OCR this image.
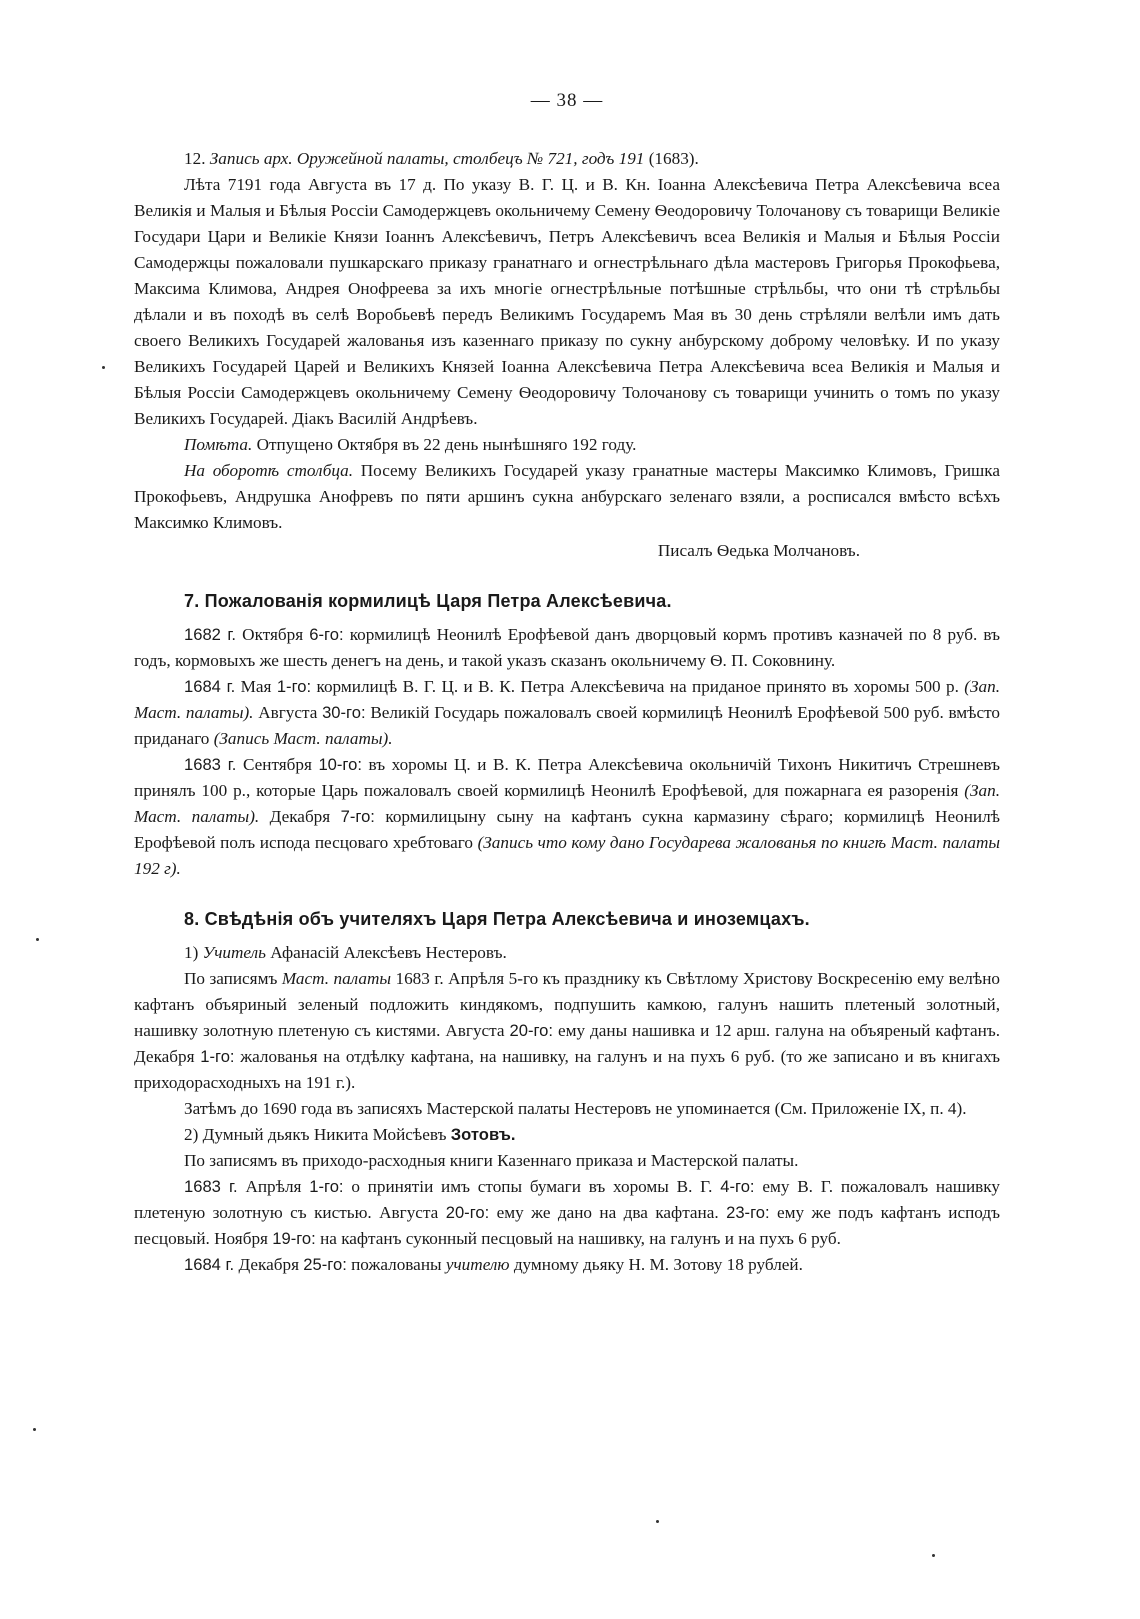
— 38 —

12. Запись арх. Оружейной палаты, столбецъ № 721, годъ 191 (1683).

Лѣта 7191 года Августа въ 17 д. По указу В. Г. Ц. и В. Кн. Іоанна Алексѣевича Петра Алексѣевича всеа Великія и Малыя и Бѣлыя Россіи Самодержцевъ окольничему Семену Ѳеодоровичу Толочанову съ товарищи Великіе Государи Цари и Великіе Князи Іоаннъ Алексѣевичъ, Петръ Алексѣевичъ всеа Великія и Малыя и Бѣлыя Россіи Самодержцы пожаловали пушкарскаго приказу гранатнаго и огнестрѣльнаго дѣла мастеровъ Григорья Прокофьева, Максима Климова, Андрея Онофреева за ихъ многіе огнестрѣльные потѣшные стрѣльбы, что они тѣ стрѣльбы дѣлали и въ походѣ въ селѣ Воробьевѣ передъ Великимъ Государемъ Мая въ 30 день стрѣляли велѣли имъ дать своего Великихъ Государей жалованья изъ казеннаго приказу по сукну анбурскому доброму человѣку. И по указу Великихъ Государей Царей и Великихъ Князей Іоанна Алексѣевича Петра Алексѣевича всеа Великія и Малыя и Бѣлыя Россіи Самодержцевъ окольничему Семену Ѳеодоровичу Толочанову съ товарищи учинить о томъ по указу Великихъ Государей. Діакъ Василій Андрѣевъ.

Помѣта. Отпущено Октября въ 22 день нынѣшняго 192 году.

На оборотѣ столбца. Посему Великихъ Государей указу гранатные мастеры Максимко Климовъ, Гришка Прокофьевъ, Андрушка Анофревъ по пяти аршинъ сукна анбурскаго зеленаго взяли, а росписался вмѣсто всѣхъ Максимко Климовъ.

Писалъ Ѳедька Молчановъ.

7. Пожалованія кормилицѣ Царя Петра Алексѣевича.

1682 г. Октября 6-го: кормилицѣ Неонилѣ Ерофѣевой данъ дворцовый кормъ противъ казначей по 8 руб. въ годъ, кормовыхъ же шесть денегъ на день, и такой указъ сказанъ окольничему Ѳ. П. Соковнину.

1684 г. Мая 1-го: кормилицѣ В. Г. Ц. и В. К. Петра Алексѣевича на приданое принято въ хоромы 500 р. (Зап. Маст. палаты). Августа 30-го: Великій Государь пожаловалъ своей кормилицѣ Неонилѣ Ерофѣевой 500 руб. вмѣсто приданаго (Запись Маст. палаты).

1683 г. Сентября 10-го: въ хоромы Ц. и В. К. Петра Алексѣевича окольничій Тихонъ Никитичъ Стрешневъ принялъ 100 р., которые Царь пожаловалъ своей кормилицѣ Неонилѣ Ерофѣевой, для пожарнага ея разоренія (Зап. Маст. палаты). Декабря 7-го: кормилицыну сыну на кафтанъ сукна кармазину сѣраго; кормилицѣ Неонилѣ Ерофѣевой полъ испода песцоваго хребтоваго (Запись что кому дано Государева жалованья по книгѣ Маст. палаты 192 г).

8. Свѣдѣнія объ учителяхъ Царя Петра Алексѣевича и иноземцахъ.

1) Учитель Афанасій Алексѣевъ Нестеровъ.

По записямъ Маст. палаты 1683 г. Апрѣля 5-го къ празднику къ Свѣтлому Христову Воскресенію ему велѣно кафтанъ объяриный зеленый подложить киндякомъ, подпушить камкою, галунъ нашить плетеный золотный, нашивку золотную плетеную съ кистями. Августа 20-го: ему даны нашивка и 12 арш. галуна на объяреный кафтанъ. Декабря 1-го: жалованья на отдѣлку кафтана, на нашивку, на галунъ и на пухъ 6 руб. (то же записано и въ книгахъ приходорасходныхъ на 191 г.).

Затѣмъ до 1690 года въ записяхъ Мастерской палаты Нестеровъ не упоминается (См. Приложеніе IX, п. 4).

2) Думный дьякъ Никита Мойсѣевъ Зотовъ.

По записямъ въ приходо-расходныя книги Казеннаго приказа и Мастерской палаты.

1683 г. Апрѣля 1-го: о принятіи имъ стопы бумаги въ хоромы В. Г. 4-го: ему В. Г. пожаловалъ нашивку плетеную золотную съ кистью. Августа 20-го: ему же дано на два кафтана. 23-го: ему же подъ кафтанъ исподъ песцовый. Ноября 19-го: на кафтанъ суконный песцовый на нашивку, на галунъ и на пухъ 6 руб.

1684 г. Декабря 25-го: пожалованы учителю думному дьяку Н. М. Зотову 18 рублей.
